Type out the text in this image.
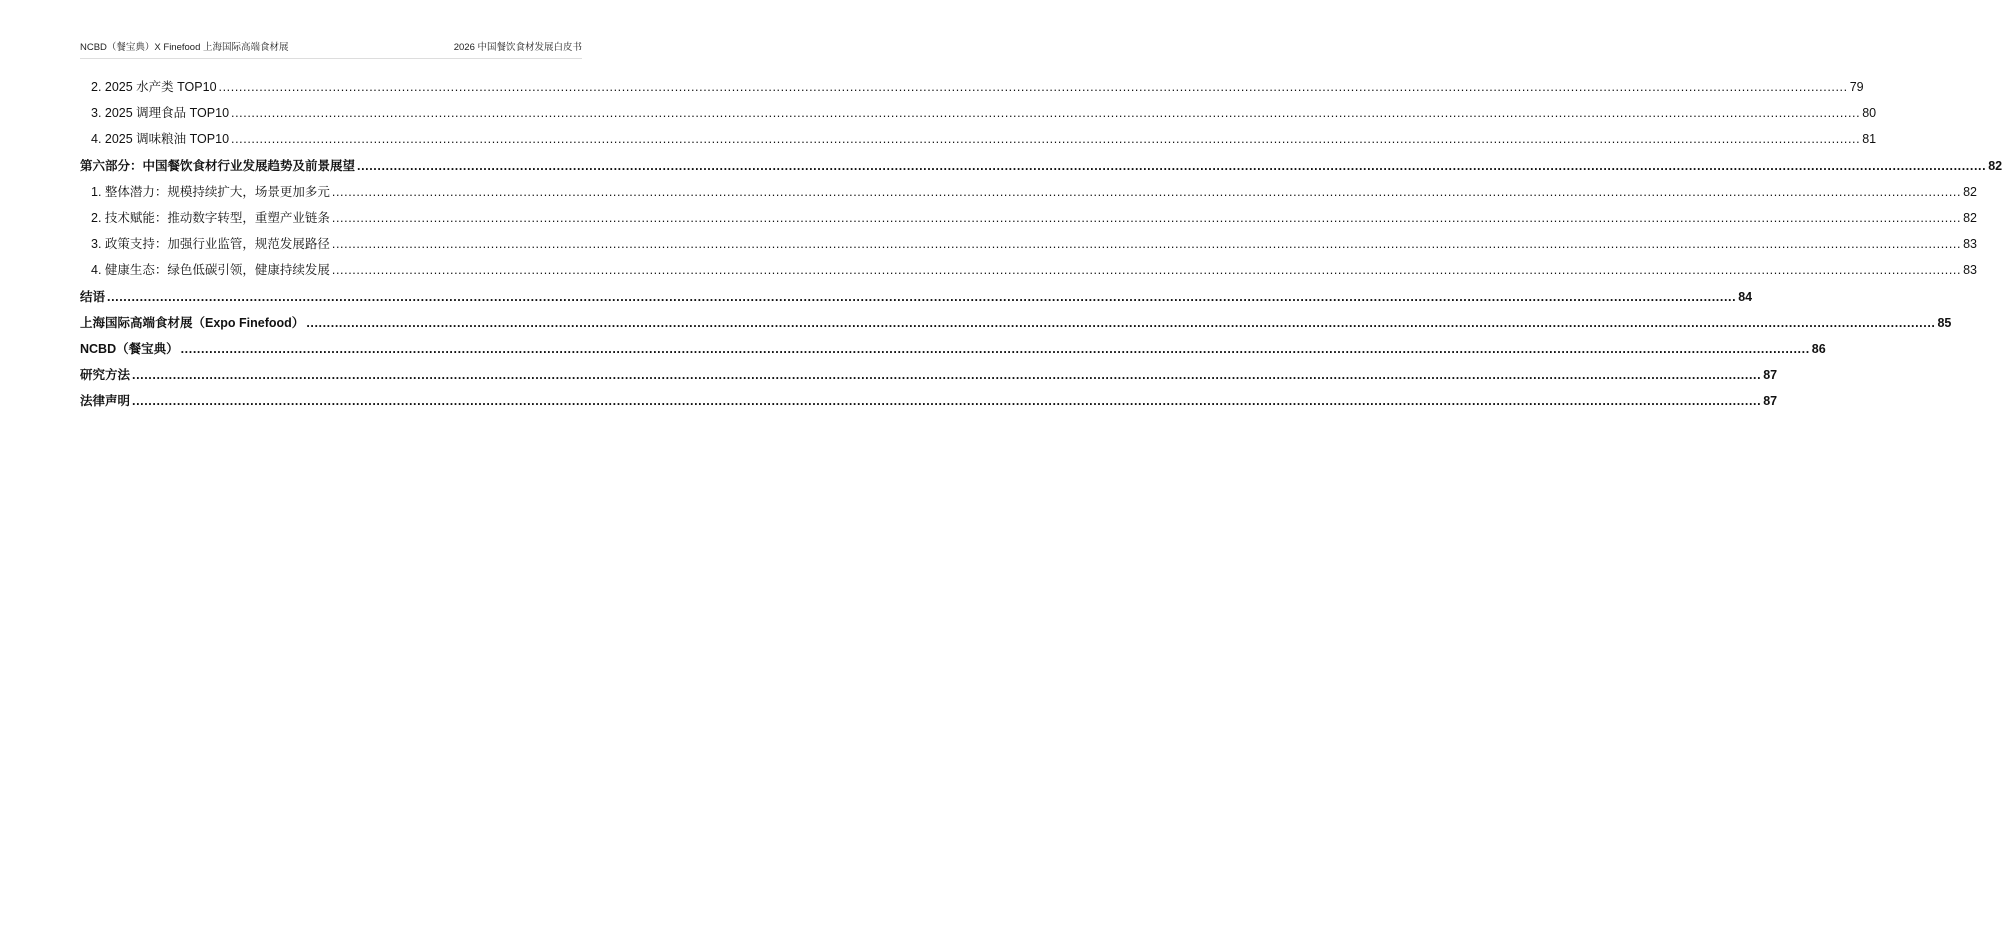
NCBD（餐宝典）X Finefood 上海国际高端食材展	2026 中国餐饮食材发展白皮书
2. 2025 水产类 TOP10 ................................................................................................................................................................................................................................................................................................................................................................................................................ 79
3. 2025 调理食品 TOP10 ................................................................................................................................................................................................................................................................................................................................................................................................................ 80
4. 2025 调味粮油 TOP10 ................................................................................................................................................................................................................................................................................................................................................................................................................ 81
第六部分：中国餐饮食材行业发展趋势及前景展望 ................................................................................................................................................................................................................................................................................................................................................................................................................ 82
1. 整体潜力：规模持续扩大，场景更加多元 ................................................................................................................................................................................................................................................................................................................................................................................................................ 82
2. 技术赋能：推动数字转型，重塑产业链条 ................................................................................................................................................................................................................................................................................................................................................................................................................ 82
3. 政策支持：加强行业监管，规范发展路径 ................................................................................................................................................................................................................................................................................................................................................................................................................ 83
4. 健康生态：绿色低碳引领，健康持续发展 ................................................................................................................................................................................................................................................................................................................................................................................................................ 83
结语 ................................................................................................................................................................................................................................................................................................................................................................................................................ 84
上海国际高端食材展（Expo Finefood） ................................................................................................................................................................................................................................................................................................................................................................................................................ 85
NCBD（餐宝典） ................................................................................................................................................................................................................................................................................................................................................................................................................ 86
研究方法 ................................................................................................................................................................................................................................................................................................................................................................................................................ 87
法律声明 ................................................................................................................................................................................................................................................................................................................................................................................................................ 87
